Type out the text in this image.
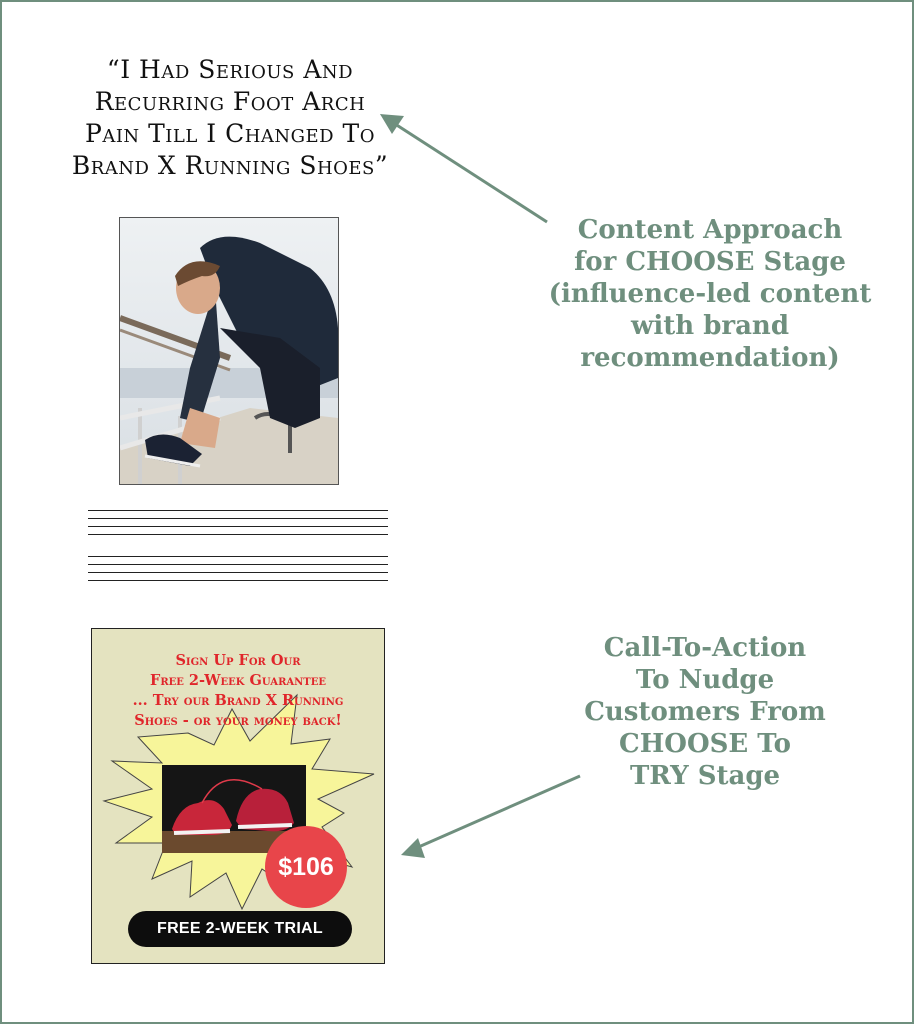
“I Had Serious And
Recurring Foot Arch
Pain Till I Changed To
Brand X Running Shoes”
Content Approach
for CHOOSE Stage
(influence-led content
with brand
recommendation)
Call-To-Action
To Nudge
Customers From
CHOOSE To
TRY Stage
Sign Up For Our
Free 2-Week Guarantee
... Try our Brand X Running
Shoes - or your money back!
$106
FREE 2-WEEK TRIAL
